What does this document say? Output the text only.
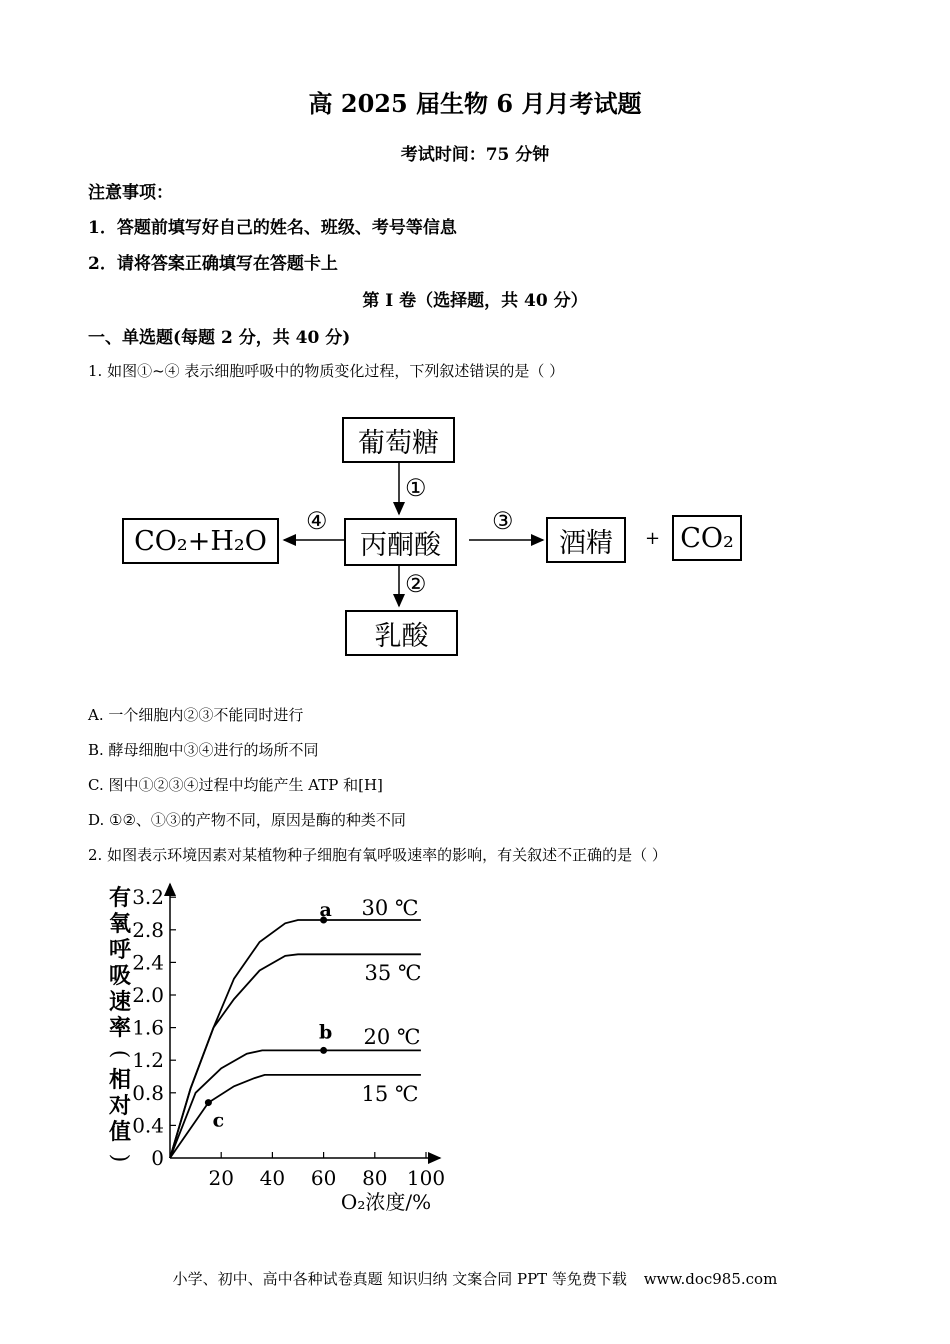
高 2025 届生物 6 月月考试题
考试时间：75 分钟
注意事项：
1．答题前填写好自己的姓名、班级、考号等信息
2．请将答案正确填写在答题卡上
第 I 卷（选择题，共 40 分）
一、单选题(每题 2 分，共 40 分)
1. 如图①~④ 表示细胞呼吸中的物质变化过程，下列叙述错误的是（ ）
葡萄糖
丙酮酸
CO₂+H₂O	酒精	CO₂
乳酸
+
①
②
③
④
A. 一个细胞内②③不能同时进行
B. 酵母细胞中③④进行的场所不同
C. 图中①②③④过程中均能产生 ATP 和[H]
D. ①②、①③的产物不同，原因是酶的种类不同
2. 如图表示环境因素对某植物种子细胞有氧呼吸速率的影响，有关叙述不正确的是（ ）
0
0.4
0.8
1.2
1.6
2.0
2.4
2.8
3.2
20 40 60 80 100
O₂浓度/%
有
氧
呼
吸
速
率
(
相
对
值
)
30 ℃
35 ℃
20 ℃
15 ℃
a
b
c
小学、初中、高中各种试卷真题 知识归纳 文案合同 PPT 等免费下载 www.doc985.com
